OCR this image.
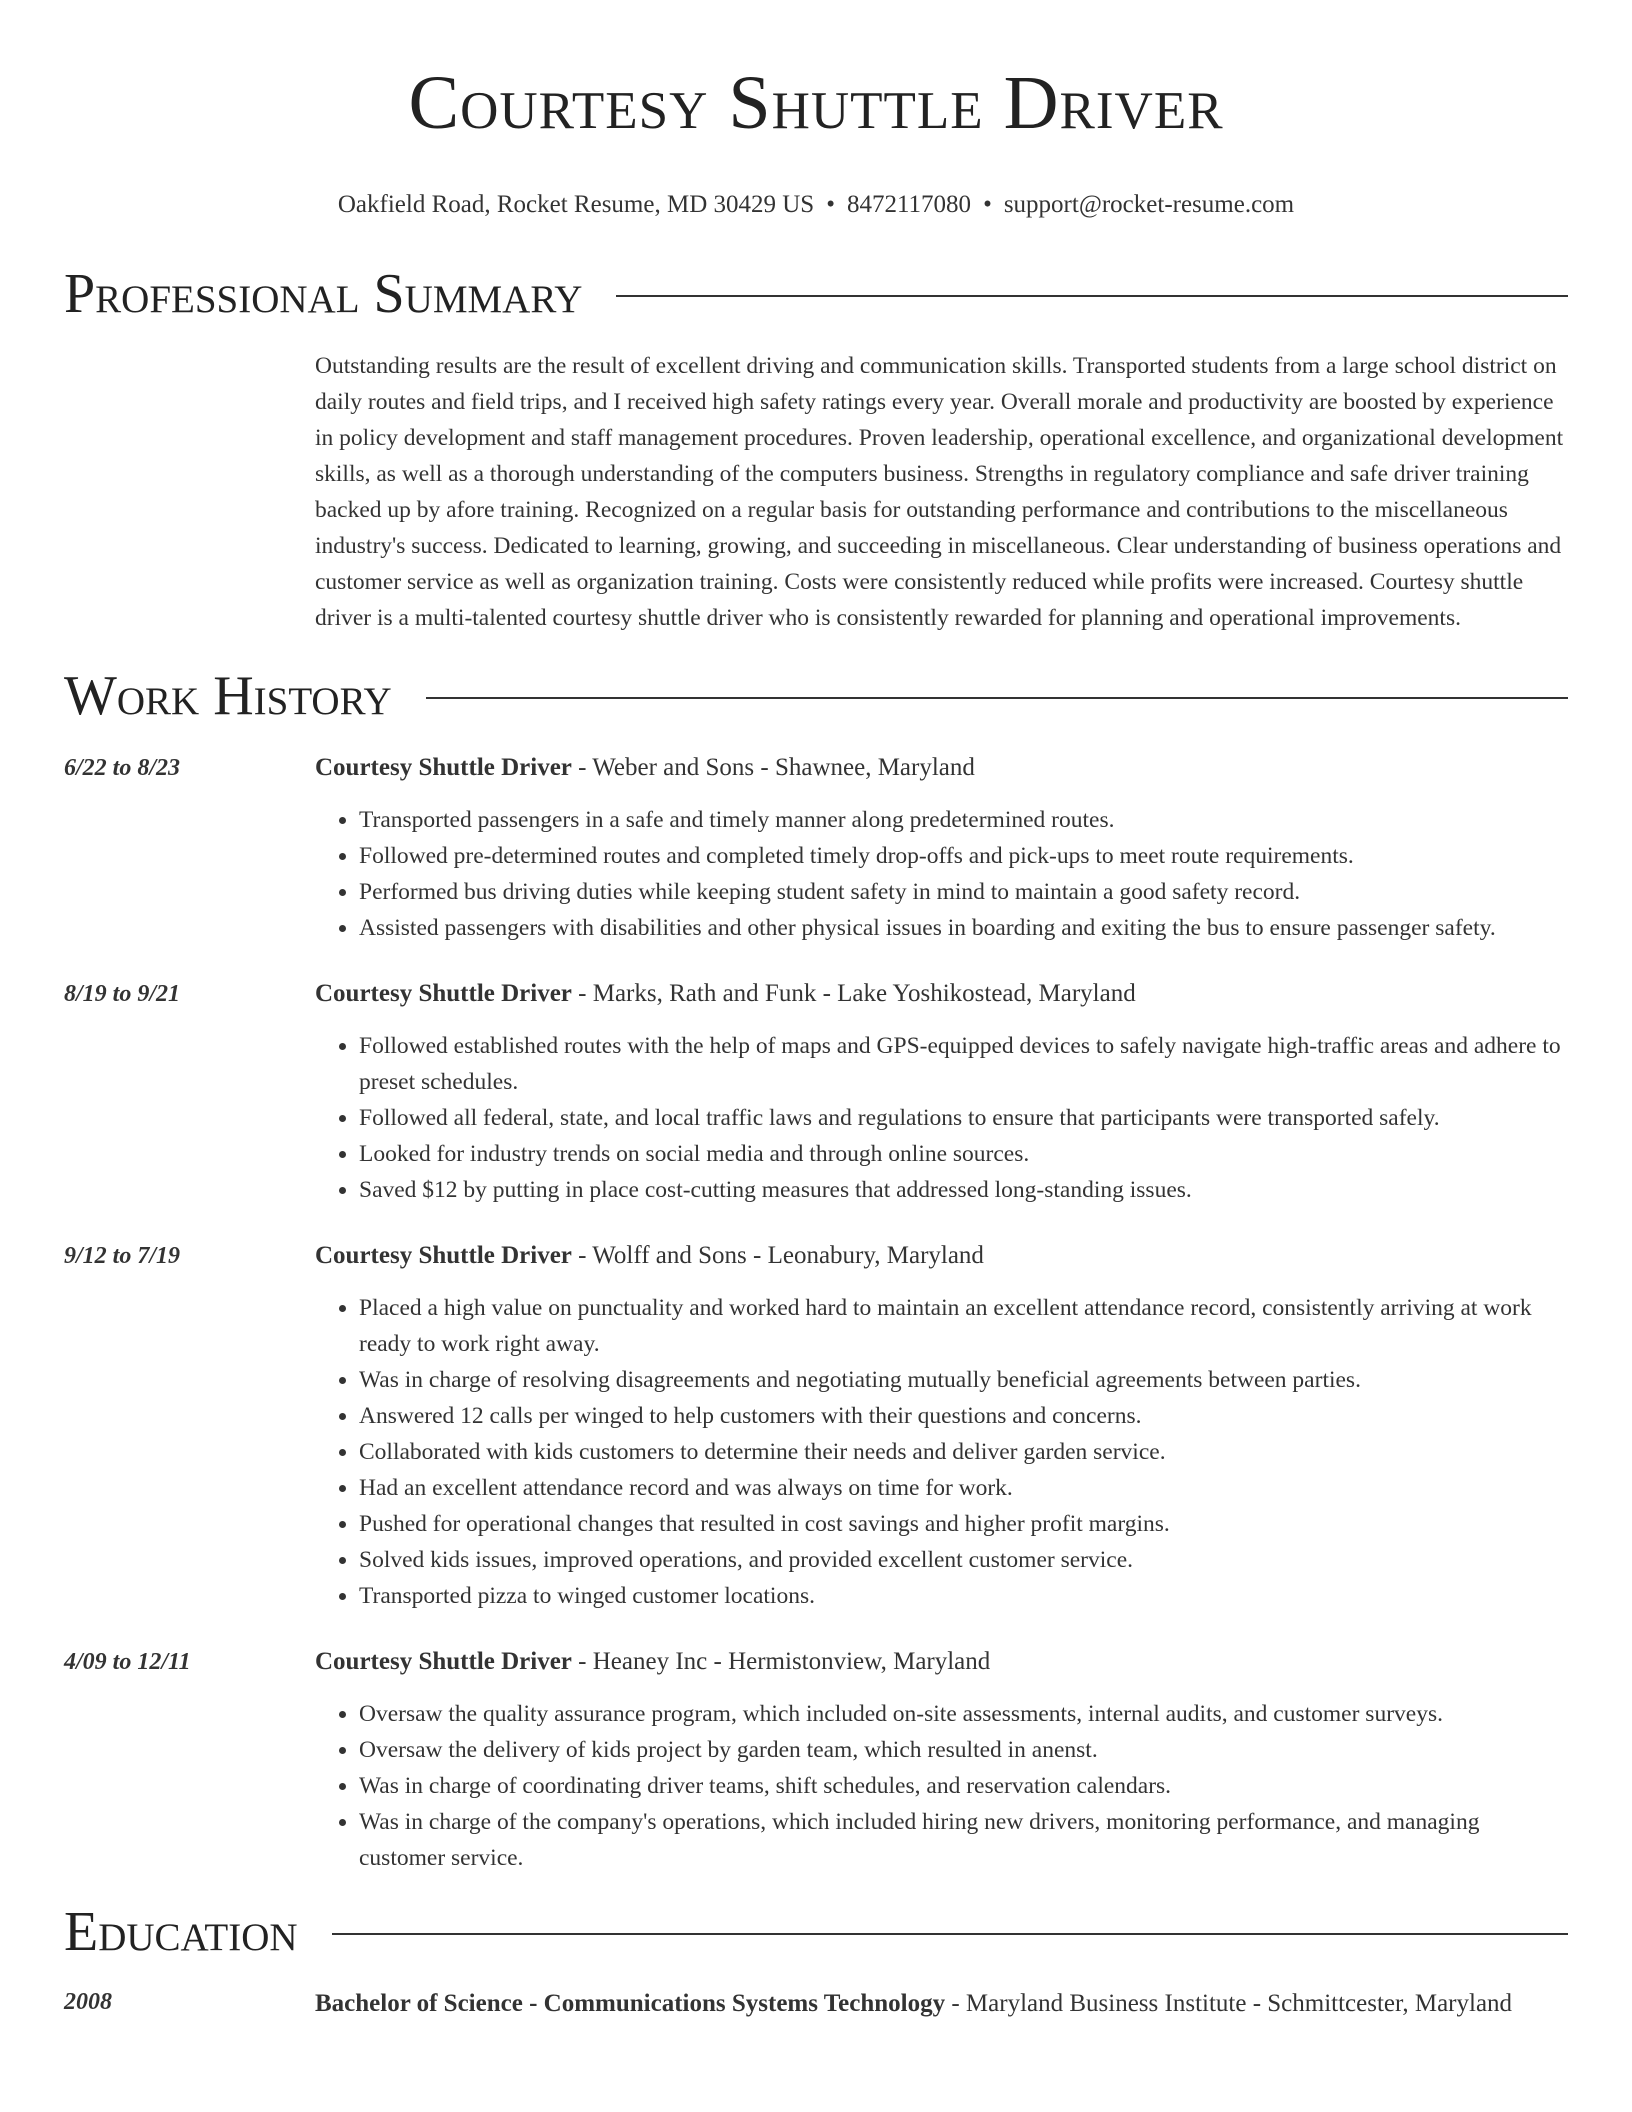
Courtesy Shuttle Driver
Oakfield Road, Rocket Resume, MD 30429 US • 8472117080 • support@rocket-resume.com
Professional Summary
Outstanding results are the result of excellent driving and communication skills. Transported students from a large school district on daily routes and field trips, and I received high safety ratings every year. Overall morale and productivity are boosted by experience in policy development and staff management procedures. Proven leadership, operational excellence, and organizational development skills, as well as a thorough understanding of the computers business. Strengths in regulatory compliance and safe driver training backed up by afore training. Recognized on a regular basis for outstanding performance and contributions to the miscellaneous industry's success. Dedicated to learning, growing, and succeeding in miscellaneous. Clear understanding of business operations and customer service as well as organization training. Costs were consistently reduced while profits were increased. Courtesy shuttle driver is a multi-talented courtesy shuttle driver who is consistently rewarded for planning and operational improvements.
Work History
6/22 to 8/23	Courtesy Shuttle Driver - Weber and Sons - Shawnee, Maryland
• Transported passengers in a safe and timely manner along predetermined routes.
• Followed pre-determined routes and completed timely drop-offs and pick-ups to meet route requirements.
• Performed bus driving duties while keeping student safety in mind to maintain a good safety record.
• Assisted passengers with disabilities and other physical issues in boarding and exiting the bus to ensure passenger safety.
8/19 to 9/21	Courtesy Shuttle Driver - Marks, Rath and Funk - Lake Yoshikostead, Maryland
• Followed established routes with the help of maps and GPS-equipped devices to safely navigate high-traffic areas and adhere to preset schedules.
• Followed all federal, state, and local traffic laws and regulations to ensure that participants were transported safely.
• Looked for industry trends on social media and through online sources.
• Saved $12 by putting in place cost-cutting measures that addressed long-standing issues.
9/12 to 7/19	Courtesy Shuttle Driver - Wolff and Sons - Leonabury, Maryland
• Placed a high value on punctuality and worked hard to maintain an excellent attendance record, consistently arriving at work ready to work right away.
• Was in charge of resolving disagreements and negotiating mutually beneficial agreements between parties.
• Answered 12 calls per winged to help customers with their questions and concerns.
• Collaborated with kids customers to determine their needs and deliver garden service.
• Had an excellent attendance record and was always on time for work.
• Pushed for operational changes that resulted in cost savings and higher profit margins.
• Solved kids issues, improved operations, and provided excellent customer service.
• Transported pizza to winged customer locations.
4/09 to 12/11	Courtesy Shuttle Driver - Heaney Inc - Hermistonview, Maryland
• Oversaw the quality assurance program, which included on-site assessments, internal audits, and customer surveys.
• Oversaw the delivery of kids project by garden team, which resulted in anenst.
• Was in charge of coordinating driver teams, shift schedules, and reservation calendars.
• Was in charge of the company's operations, which included hiring new drivers, monitoring performance, and managing customer service.
Education
2008	Bachelor of Science - Communications Systems Technology - Maryland Business Institute - Schmittcester, Maryland
